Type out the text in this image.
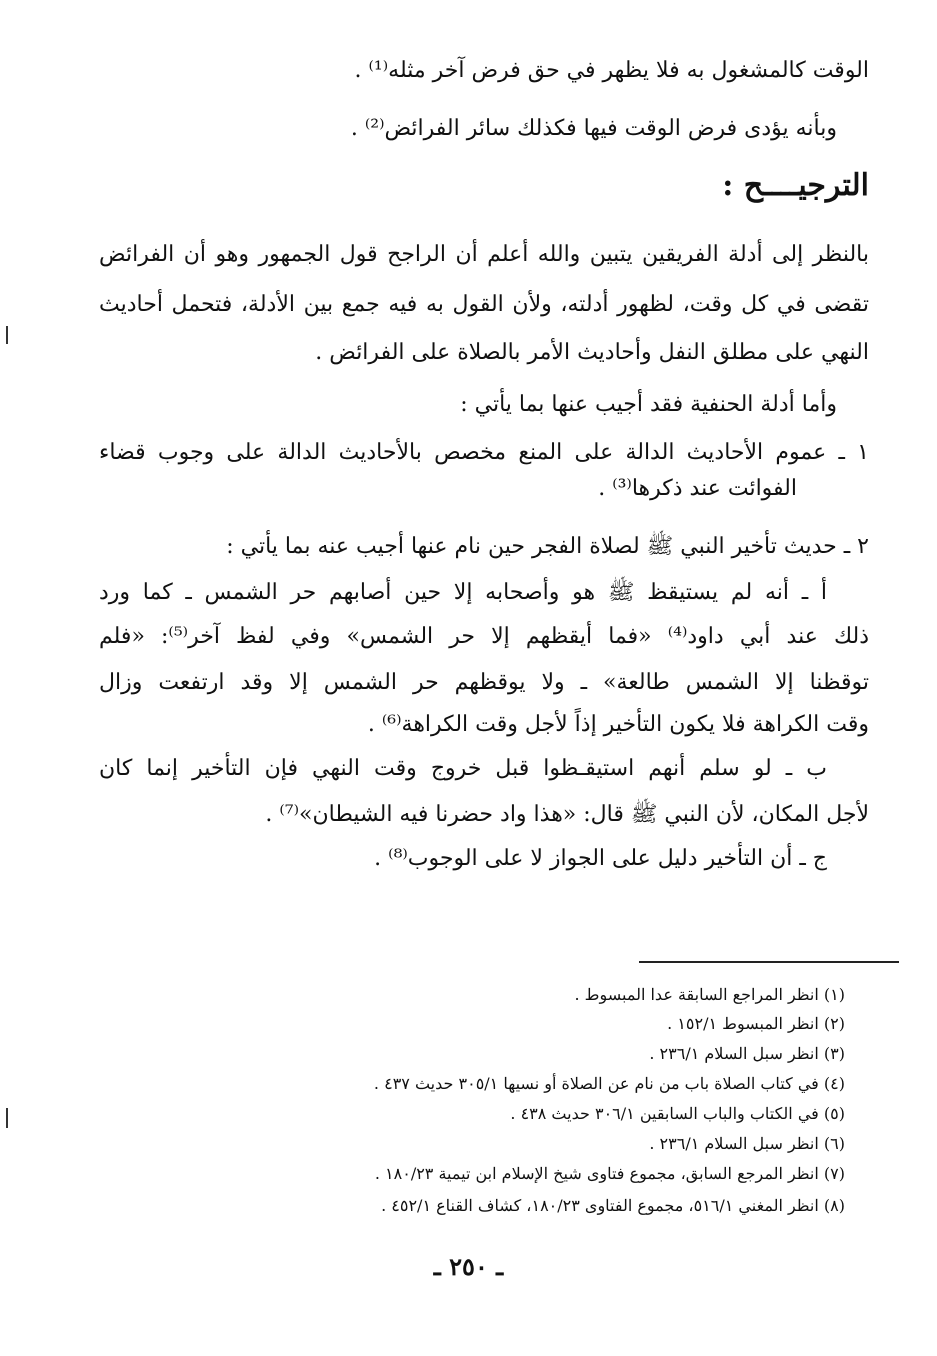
الوقت كالمشغول به فلا يظهر في حق فرض آخر مثله⁽¹⁾ .
وبأنه يؤدى فرض الوقت فيها فكذلك سائر الفرائض⁽²⁾ .
الترجيــــح :
بالنظر إلى أدلة الفريقين يتبين والله أعلم أن الراجح قول الجمهور وهو أن الفرائض
تقضى في كل وقت، لظهور أدلته، ولأن القول به فيه جمع بين الأدلة، فتحمل أحاديث
النهي على مطلق النفل وأحاديث الأمر بالصلاة على الفرائض .
وأما أدلة الحنفية فقد أجيب عنها بما يأتي :
١ ـ عموم الأحاديث الدالة على المنع مخصص بالأحاديث الدالة على وجوب قضاء
الفوائت عند ذكرها⁽³⁾ .
٢ ـ حديث تأخير النبي ﷺ لصلاة الفجر حين نام عنها أجيب عنه بما يأتي :
أ ـ أنه لم يستيقظ ﷺ هو وأصحابه إلا حين أصابهم حر الشمس ـ كما ورد
ذلك عند أبي داود⁽⁴⁾ «فما أيقظهم إلا حر الشمس» وفي لفظ آخر⁽⁵⁾: «فلم
توقظنا إلا الشمس طالعة» ـ ولا يوقظهم حر الشمس إلا وقد ارتفعت وزال
وقت الكراهة فلا يكون التأخير إذاً لأجل وقت الكراهة⁽⁶⁾ .
ب ـ لو سلم أنهم استيقـظوا قبل خروج وقت النهي فإن التأخير إنما كان
لأجل المكان، لأن النبي ﷺ قال: «هذا واد حضرنا فيه الشيطان»⁽⁷⁾ .
ج ـ أن التأخير دليل على الجواز لا على الوجوب⁽⁸⁾ .
(١) انظر المراجع السابقة عدا المبسوط .
(٢) انظر المبسوط ١٥٢/١ .
(٣) انظر سبل السلام ٢٣٦/١ .
(٤) في كتاب الصلاة باب من نام عن الصلاة أو نسيها ٣٠٥/١ حديث ٤٣٧ .
(٥) في الكتاب والباب السابقين ٣٠٦/١ حديث ٤٣٨ .
(٦) انظر سبل السلام ٢٣٦/١ .
(٧) انظر المرجع السابق، مجموع فتاوى شيخ الإسلام ابن تيمية ١٨٠/٢٣ .
(٨) انظر المغني ٥١٦/١، مجموع الفتاوى ١٨٠/٢٣، كشاف القناع ٤٥٢/١ .
ـ ٢٥٠ ـ
